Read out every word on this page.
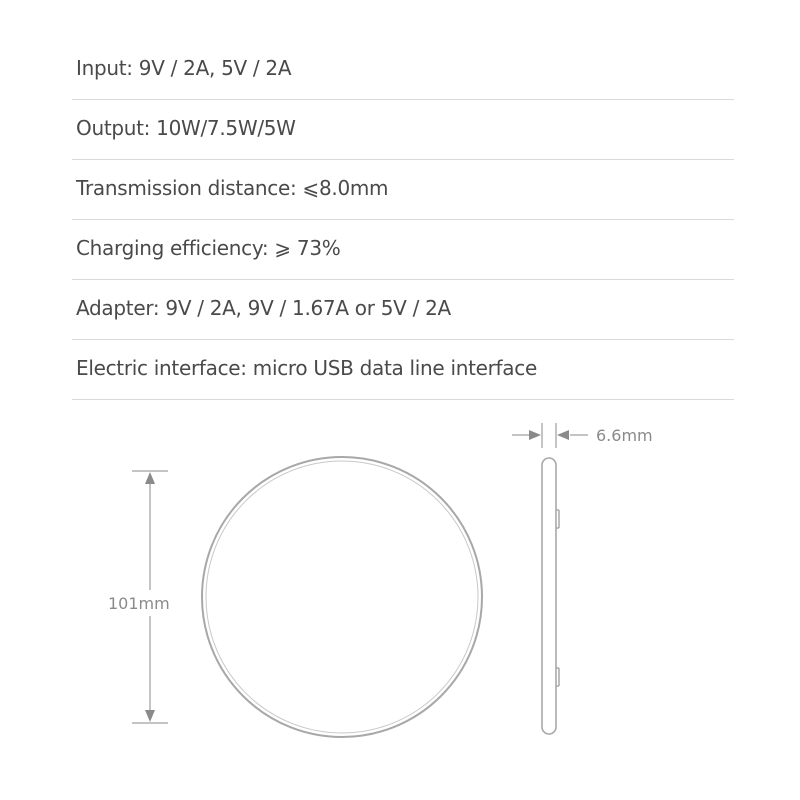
Input: 9V / 2A, 5V / 2A
Output: 10W/7.5W/5W
Transmission distance: ⩽8.0mm
Charging efficiency: ⩾ 73%
Adapter: 9V / 2A, 9V / 1.67A or 5V / 2A
Electric interface: micro USB data line interface
101mm
6.6mm
